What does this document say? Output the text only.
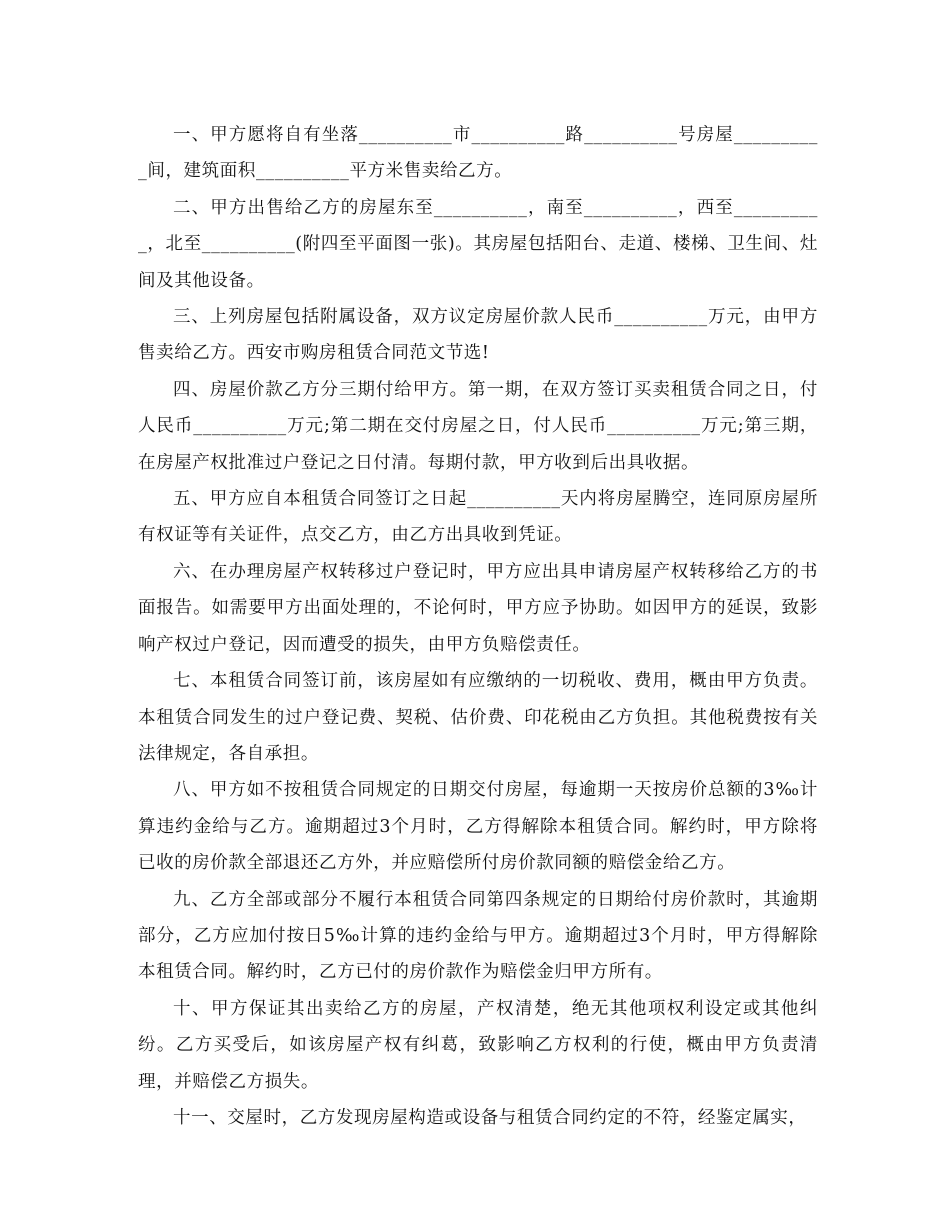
一、甲方愿将自有坐落__________市__________路__________号房屋__________间，建筑面积__________平方米售卖给乙方。

二、甲方出售给乙方的房屋东至__________，南至__________，西至__________，北至__________(附四至平面图一张)。其房屋包括阳台、走道、楼梯、卫生间、灶间及其他设备。

三、上列房屋包括附属设备，双方议定房屋价款人民币__________万元，由甲方售卖给乙方。西安市购房租赁合同范文节选!

四、房屋价款乙方分三期付给甲方。第一期，在双方签订买卖租赁合同之日，付人民币__________万元;第二期在交付房屋之日，付人民币__________万元;第三期，在房屋产权批准过户登记之日付清。每期付款，甲方收到后出具收据。

五、甲方应自本租赁合同签订之日起__________天内将房屋腾空，连同原房屋所有权证等有关证件，点交乙方，由乙方出具收到凭证。

六、在办理房屋产权转移过户登记时，甲方应出具申请房屋产权转移给乙方的书面报告。如需要甲方出面处理的，不论何时，甲方应予协助。如因甲方的延误，致影响产权过户登记，因而遭受的损失，由甲方负赔偿责任。

七、本租赁合同签订前，该房屋如有应缴纳的一切税收、费用，概由甲方负责。本租赁合同发生的过户登记费、契税、估价费、印花税由乙方负担。其他税费按有关法律规定，各自承担。

八、甲方如不按租赁合同规定的日期交付房屋，每逾期一天按房价总额的3‰计算违约金给与乙方。逾期超过3个月时，乙方得解除本租赁合同。解约时，甲方除将已收的房价款全部退还乙方外，并应赔偿所付房价款同额的赔偿金给乙方。

九、乙方全部或部分不履行本租赁合同第四条规定的日期给付房价款时，其逾期部分，乙方应加付按日5‰计算的违约金给与甲方。逾期超过3个月时，甲方得解除本租赁合同。解约时，乙方已付的房价款作为赔偿金归甲方所有。

十、甲方保证其出卖给乙方的房屋，产权清楚，绝无其他项权利设定或其他纠纷。乙方买受后，如该房屋产权有纠葛，致影响乙方权利的行使，概由甲方负责清理，并赔偿乙方损失。

十一、交屋时，乙方发现房屋构造或设备与租赁合同约定的不符，经鉴定属实，
